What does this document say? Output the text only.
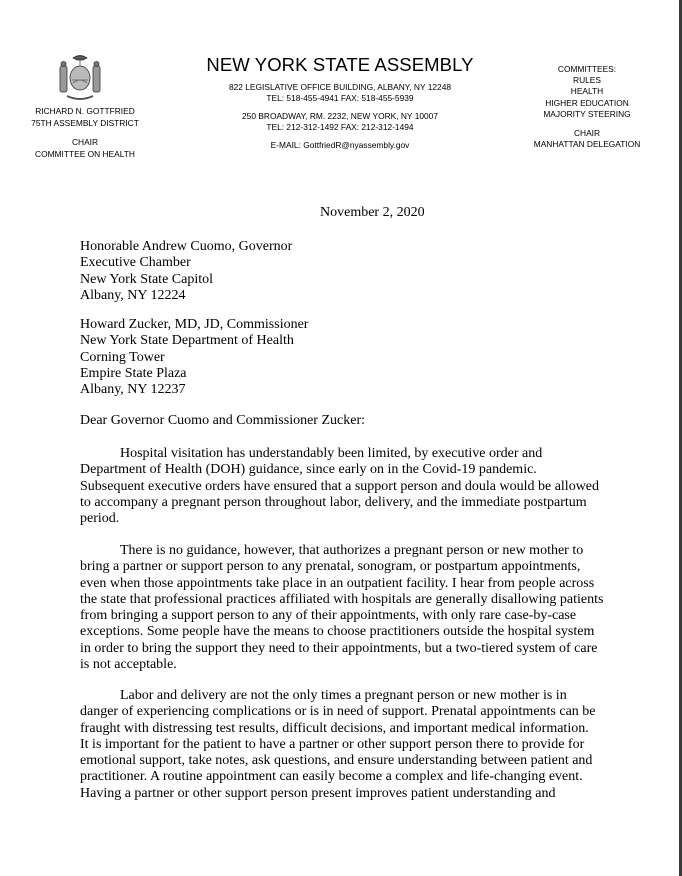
RICHARD N. GOTTFRIED
75TH ASSEMBLY DISTRICT
CHAIR
COMMITTEE ON HEALTH
NEW YORK STATE ASSEMBLY
822 LEGISLATIVE OFFICE BUILDING, ALBANY, NY 12248
TEL: 518-455-4941 FAX: 518-455-5939
250 BROADWAY, RM. 2232, NEW YORK, NY 10007
TEL: 212-312-1492 FAX: 212-312-1494
E-MAIL: GottfriedR@nyassembly.gov
COMMITTEES:
RULES
HEALTH
HIGHER EDUCATION
MAJORITY STEERING
CHAIR
MANHATTAN DELEGATION
November 2, 2020
Honorable Andrew Cuomo, Governor
Executive Chamber
New York State Capitol
Albany, NY 12224
Howard Zucker, MD, JD, Commissioner
New York State Department of Health
Corning Tower
Empire State Plaza
Albany, NY 12237
Dear Governor Cuomo and Commissioner Zucker:
Hospital visitation has understandably been limited, by executive order and
Department of Health (DOH) guidance, since early on in the Covid-19 pandemic.
Subsequent executive orders have ensured that a support person and doula would be allowed
to accompany a pregnant person throughout labor, delivery, and the immediate postpartum
period.
There is no guidance, however, that authorizes a pregnant person or new mother to
bring a partner or support person to any prenatal, sonogram, or postpartum appointments,
even when those appointments take place in an outpatient facility. I hear from people across
the state that professional practices affiliated with hospitals are generally disallowing patients
from bringing a support person to any of their appointments, with only rare case-by-case
exceptions. Some people have the means to choose practitioners outside the hospital system
in order to bring the support they need to their appointments, but a two-tiered system of care
is not acceptable.
Labor and delivery are not the only times a pregnant person or new mother is in
danger of experiencing complications or is in need of support. Prenatal appointments can be
fraught with distressing test results, difficult decisions, and important medical information.
It is important for the patient to have a partner or other support person there to provide for
emotional support, take notes, ask questions, and ensure understanding between patient and
practitioner. A routine appointment can easily become a complex and life-changing event.
Having a partner or other support person present improves patient understanding and
